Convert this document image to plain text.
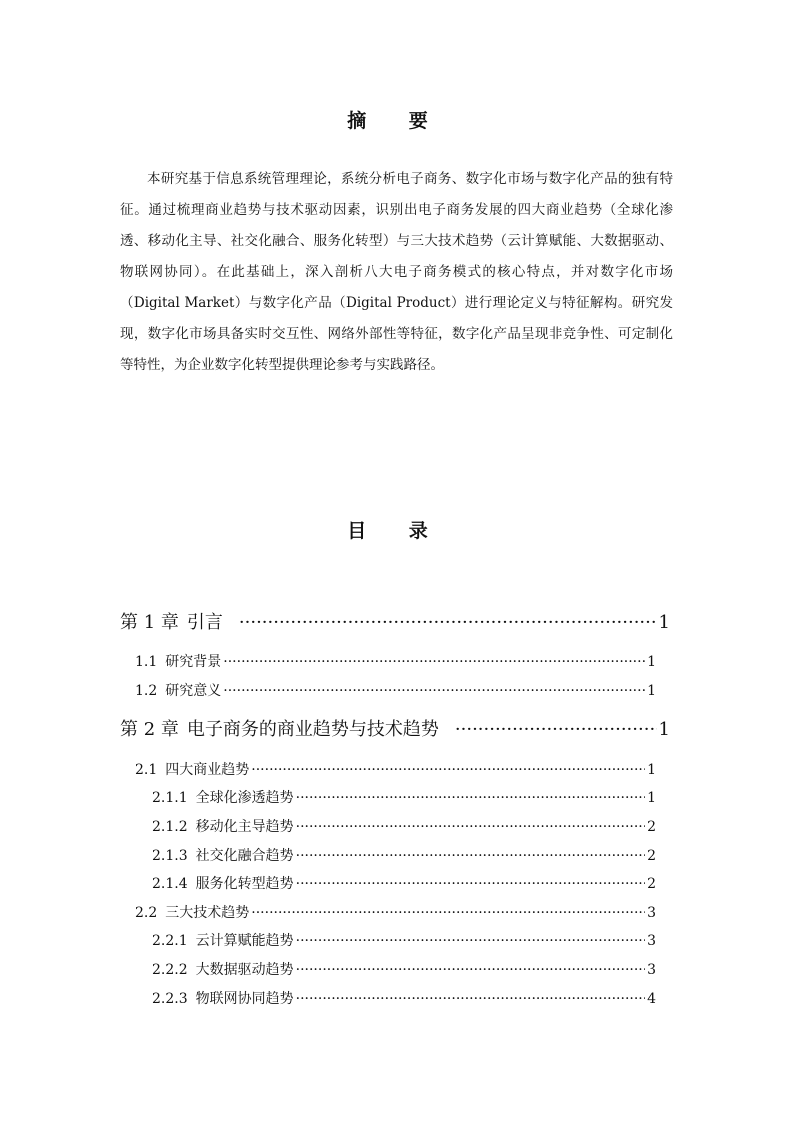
摘 要
本研究基于信息系统管理理论，系统分析电子商务、数字化市场与数字化产品的独有特征。通过梳理商业趋势与技术驱动因素，识别出电子商务发展的四大商业趋势（全球化渗透、移动化主导、社交化融合、服务化转型）与三大技术趋势（云计算赋能、大数据驱动、物联网协同）。在此基础上，深入剖析八大电子商务模式的核心特点，并对数字化市场（Digital Market）与数字化产品（Digital Product）进行理论定义与特征解构。研究发现，数字化市场具备实时交互性、网络外部性等特征，数字化产品呈现非竞争性、可定制化等特性，为企业数字化转型提供理论参考与实践路径。
目 录
第 1 章 引言 ·····	1
1.1 研究背景 ·····	1
1.2 研究意义 ·····	1
第 2 章 电子商务的商业趋势与技术趋势 ·····	1
2.1 四大商业趋势 ·····	1
2.1.1 全球化渗透趋势 ·····	1
2.1.2 移动化主导趋势 ·····	2
2.1.3 社交化融合趋势 ·····	2
2.1.4 服务化转型趋势 ·····	2
2.2 三大技术趋势 ·····	3
2.2.1 云计算赋能趋势 ·····	3
2.2.2 大数据驱动趋势 ·····	3
2.2.3 物联网协同趋势 ·····	4
